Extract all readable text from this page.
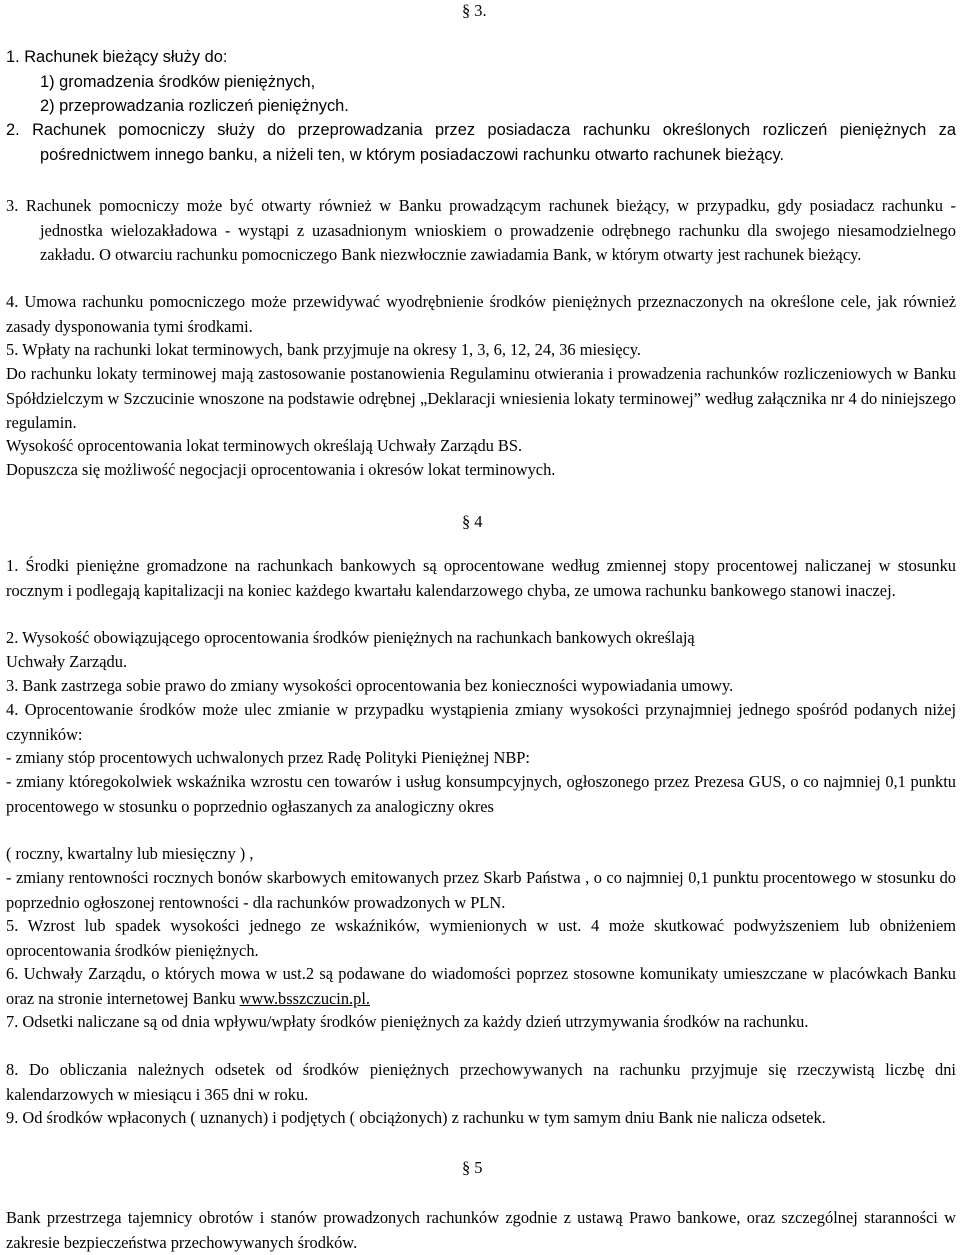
§ 3.
1. Rachunek bieżący służy do:
1) gromadzenia środków pieniężnych,
2) przeprowadzania rozliczeń pieniężnych.
2. Rachunek pomocniczy służy do przeprowadzania przez posiadacza rachunku określonych rozliczeń pieniężnych za pośrednictwem innego banku, a niżeli ten, w którym posiadaczowi rachunku otwarto rachunek bieżący.
3. Rachunek pomocniczy może być otwarty również w Banku prowadzącym rachunek bieżący, w przypadku, gdy posiadacz rachunku - jednostka wielozakładowa - wystąpi z uzasadnionym wnioskiem o prowadzenie odrębnego rachunku dla swojego niesamodzielnego zakładu. O otwarciu rachunku pomocniczego Bank niezwłocznie zawiadamia Bank, w którym otwarty jest rachunek bieżący.
4. Umowa rachunku pomocniczego może przewidywać wyodrębnienie środków pieniężnych przeznaczonych na określone cele, jak również zasady dysponowania tymi środkami.
5. Wpłaty na rachunki lokat terminowych, bank przyjmuje na okresy 1, 3, 6, 12, 24, 36 miesięcy.
Do rachunku lokaty terminowej mają zastosowanie postanowienia Regulaminu otwierania i prowadzenia rachunków rozliczeniowych w Banku Spółdzielczym w Szczucinie wnoszone na podstawie odrębnej „Deklaracji wniesienia lokaty terminowej” według załącznika nr 4 do niniejszego regulamin.
Wysokość oprocentowania lokat terminowych określają Uchwały Zarządu BS.
Dopuszcza się możliwość negocjacji oprocentowania i okresów lokat terminowych.
§ 4
1. Środki pieniężne gromadzone na rachunkach bankowych są oprocentowane według zmiennej stopy procentowej naliczanej w stosunku rocznym i podlegają kapitalizacji na koniec każdego kwartału kalendarzowego chyba, ze umowa rachunku bankowego stanowi inaczej.
2. Wysokość obowiązującego oprocentowania środków pieniężnych na rachunkach bankowych określają
Uchwały Zarządu.
3. Bank zastrzega sobie prawo do zmiany wysokości oprocentowania bez konieczności wypowiadania umowy.
4. Oprocentowanie środków może ulec zmianie w przypadku wystąpienia zmiany wysokości przynajmniej jednego spośród podanych niżej czynników:
- zmiany stóp procentowych uchwalonych przez Radę Polityki Pieniężnej NBP:
- zmiany któregokolwiek wskaźnika wzrostu cen towarów i usług konsumpcyjnych, ogłoszonego przez Prezesa GUS, o co najmniej 0,1 punktu procentowego w stosunku o poprzednio ogłaszanych za analogiczny okres
( roczny, kwartalny lub miesięczny ) ,
- zmiany rentowności rocznych bonów skarbowych emitowanych przez Skarb Państwa , o co najmniej 0,1 punktu procentowego w stosunku do poprzednio ogłoszonej rentowności - dla rachunków prowadzonych w PLN.
5. Wzrost lub spadek wysokości jednego ze wskaźników, wymienionych w ust. 4 może skutkować podwyższeniem lub obniżeniem oprocentowania środków pieniężnych.
6. Uchwały Zarządu, o których mowa w ust.2 są podawane do wiadomości poprzez stosowne komunikaty umieszczane w placówkach Banku oraz na stronie internetowej Banku www.bsszczucin.pl.
7. Odsetki naliczane są od dnia wpływu/wpłaty środków pieniężnych za każdy dzień utrzymywania środków na rachunku.
8. Do obliczania należnych odsetek od środków pieniężnych przechowywanych na rachunku przyjmuje się rzeczywistą liczbę dni kalendarzowych w miesiącu i 365 dni w roku.
9. Od środków wpłaconych ( uznanych) i podjętych ( obciążonych) z rachunku w tym samym dniu Bank nie nalicza odsetek.
§ 5
Bank przestrzega tajemnicy obrotów i stanów prowadzonych rachunków zgodnie z ustawą Prawo bankowe, oraz szczególnej staranności w zakresie bezpieczeństwa przechowywanych środków.
